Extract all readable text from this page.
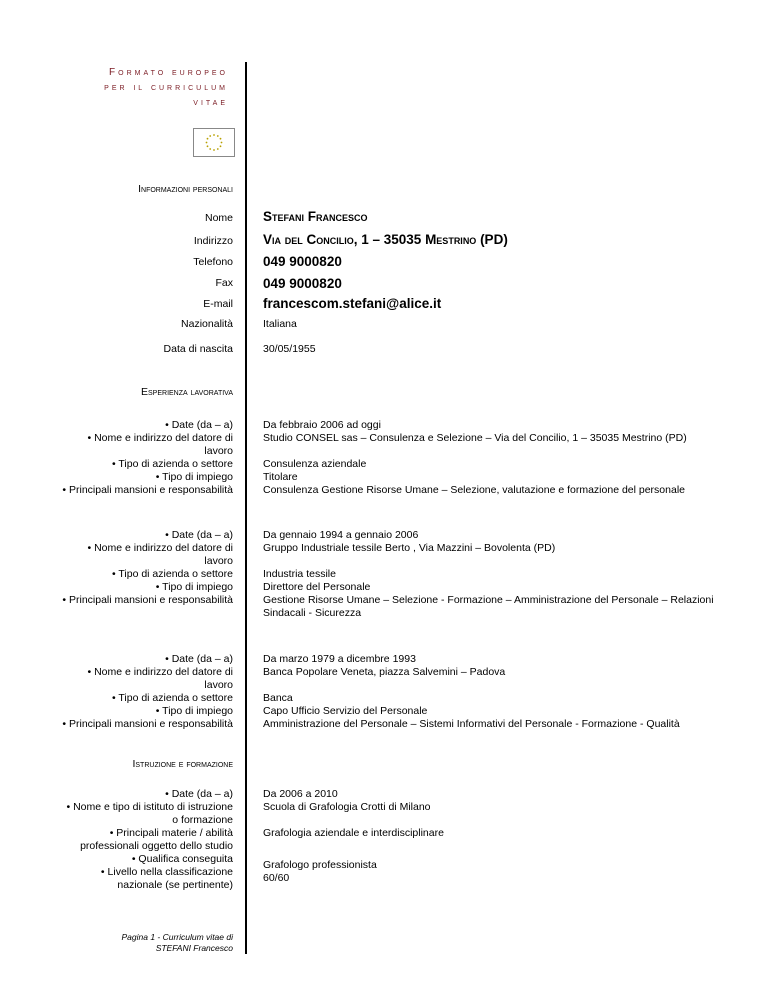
Formato europeo
per il curriculum
vitae
Informazioni personali
Nome Stefani Francesco
Indirizzo Via del Concilio, 1 – 35035 Mestrino (PD)
Telefono 049 9000820
Fax 049 9000820
E-mail francescom.stefani@alice.it
Nazionalità	Italiana
Data di nascita	30/05/1955
Esperienza lavorativa
• Date (da – a)
• Nome e indirizzo del datore di
lavoro
• Tipo di azienda o settore
• Tipo di impiego
• Principali mansioni e responsabilità
Da febbraio 2006 ad oggi
Studio CONSEL sas – Consulenza e Selezione – Via del Concilio, 1 – 35035 Mestrino (PD)
Consulenza aziendale
Titolare
Consulenza Gestione Risorse Umane – Selezione, valutazione e formazione del personale
• Date (da – a)
• Nome e indirizzo del datore di
lavoro
• Tipo di azienda o settore
• Tipo di impiego
• Principali mansioni e responsabilità
Da gennaio 1994 a gennaio 2006
Gruppo Industriale tessile Berto , Via Mazzini – Bovolenta (PD)
Industria tessile
Direttore del Personale
Gestione Risorse Umane – Selezione - Formazione – Amministrazione del Personale – Relazioni Sindacali - Sicurezza
• Date (da – a)
• Nome e indirizzo del datore di
lavoro
• Tipo di azienda o settore
• Tipo di impiego
• Principali mansioni e responsabilità
Da marzo 1979 a dicembre 1993
Banca Popolare Veneta, piazza Salvemini – Padova
Banca
Capo Ufficio Servizio del Personale
Amministrazione del Personale – Sistemi Informativi del Personale - Formazione - Qualità
Istruzione e formazione
• Date (da – a)
• Nome e tipo di istituto di istruzione
o formazione
• Principali materie / abilità
professionali oggetto dello studio
• Qualifica conseguita
• Livello nella classificazione
nazionale (se pertinente)
Da 2006 a 2010
Scuola di Grafologia Crotti di Milano
Grafologia aziendale e interdisciplinare
Grafologo professionista
60/60
Pagina 1 - Curriculum vitae di
STEFANI Francesco
